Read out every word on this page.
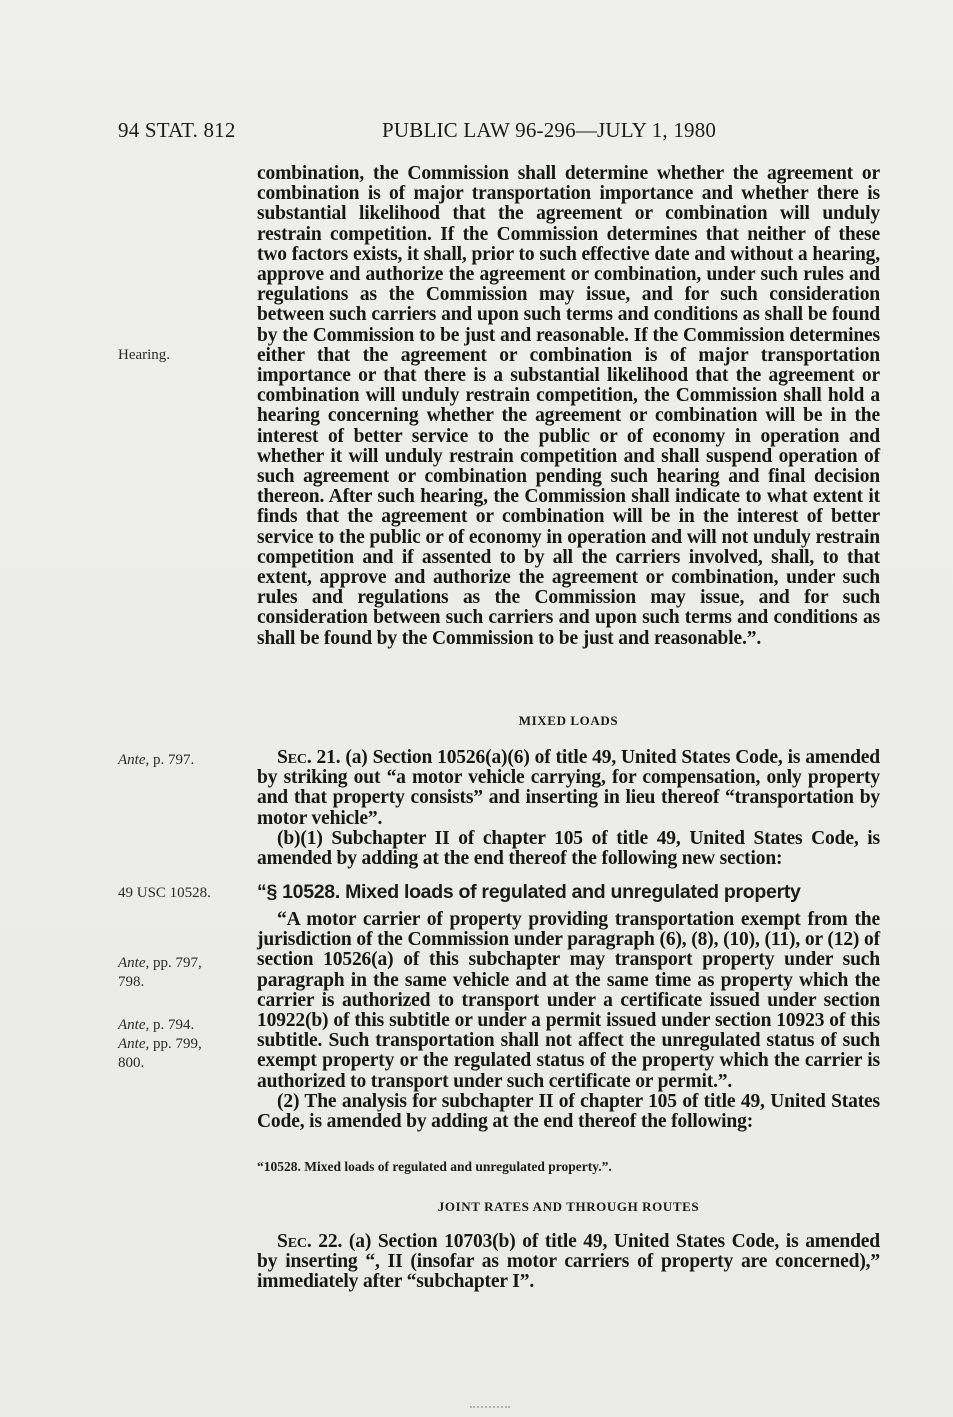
94 STAT. 812	PUBLIC LAW 96-296—JULY 1, 1980
Hearing.
Ante, p. 797.
49 USC 10528.
Ante, pp. 797,
798.
Ante, p. 794.
Ante, pp. 799,
800.

combination, the Commission shall determine whether the agreement or combination is of major transportation importance and whether there is substantial likelihood that the agreement or combination will unduly restrain competition. If the Commission determines that neither of these two factors exists, it shall, prior to such effective date and without a hearing, approve and authorize the agreement or combination, under such rules and regulations as the Commission may issue, and for such consideration between such carriers and upon such terms and conditions as shall be found by the Commission to be just and reasonable. If the Commission determines either that the agreement or combination is of major transportation importance or that there is a substantial likelihood that the agreement or combination will unduly restrain competition, the Commission shall hold a hearing concerning whether the agreement or combination will be in the interest of better service to the public or of economy in operation and whether it will unduly restrain competition and shall suspend operation of such agreement or combination pending such hearing and final decision thereon. After such hearing, the Commission shall indicate to what extent it finds that the agreement or combination will be in the interest of better service to the public or of economy in operation and will not unduly restrain competition and if assented to by all the carriers involved, shall, to that extent, approve and authorize the agreement or combination, under such rules and regulations as the Commission may issue, and for such consideration between such carriers and upon such terms and conditions as shall be found by the Commission to be just and reasonable.”.

MIXED LOADS

Sec. 21. (a) Section 10526(a)(6) of title 49, United States Code, is amended by striking out “a motor vehicle carrying, for compensation, only property and that property consists” and inserting in lieu thereof “transportation by motor vehicle”.

(b)(1) Subchapter II of chapter 105 of title 49, United States Code, is amended by adding at the end thereof the following new section:

“§ 10528. Mixed loads of regulated and unregulated property

“A motor carrier of property providing transportation exempt from the jurisdiction of the Commission under paragraph (6), (8), (10), (11), or (12) of section 10526(a) of this subchapter may transport property under such paragraph in the same vehicle and at the same time as property which the carrier is authorized to transport under a certificate issued under section 10922(b) of this subtitle or under a permit issued under section 10923 of this subtitle. Such transportation shall not affect the unregulated status of such exempt property or the regulated status of the property which the carrier is authorized to transport under such certificate or permit.”.

(2) The analysis for subchapter II of chapter 105 of title 49, United States Code, is amended by adding at the end thereof the following:

“10528. Mixed loads of regulated and unregulated property.”.
JOINT RATES AND THROUGH ROUTES

Sec. 22. (a) Section 10703(b) of title 49, United States Code, is amended by inserting “, II (insofar as motor carriers of property are concerned),” immediately after “subchapter I”.
